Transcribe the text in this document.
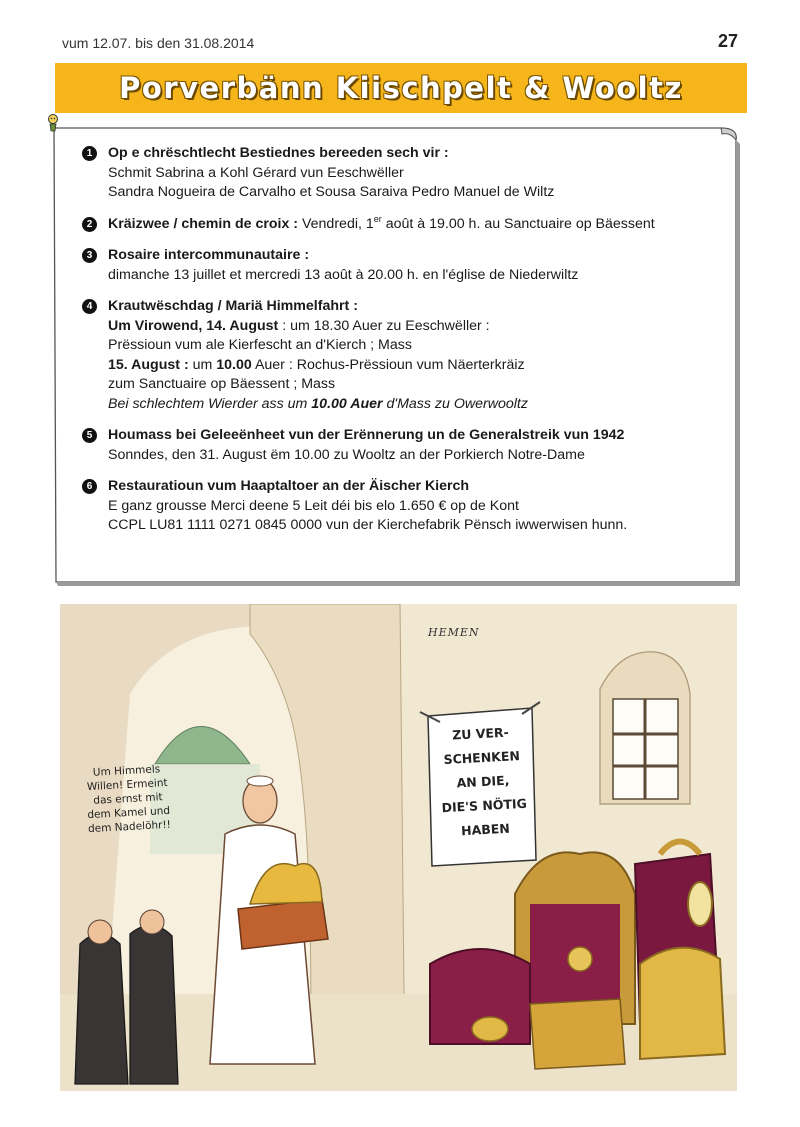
vum 12.07. bis den 31.08.2014	27
Porverbänn Kiischpelt & Wooltz
1	Op e chrëschtlecht Bestiednes bereeden sech vir :
Schmit Sabrina a Kohl Gérard vun Eeschwëller
Sandra Nogueira de Carvalho et Sousa Saraiva Pedro Manuel de Wiltz
2	Kräizwee / chemin de croix : Vendredi, 1er août à 19.00 h. au Sanctuaire op Bäessent
3	Rosaire intercommunautaire :
dimanche 13 juillet et mercredi 13 août à 20.00 h. en l'église de Niederwiltz
4	Krautwëschdag / Mariä Himmelfahrt :
Um Virowend, 14. August : um 18.30 Auer zu Eeschwëller :
Prëssioun vum ale Kierfescht an d'Kierch ; Mass
15. August : um 10.00 Auer : Rochus-Prëssioun vum Näerterkräiz
zum Sanctuaire op Bäessent ; Mass
Bei schlechtem Wierder ass um 10.00 Auer d'Mass zu Owerwooltz
5	Houmass bei Geleeënheet vun der Erënnerung un de Generalstreik vun 1942
Sonndes, den 31. August ëm 10.00 zu Wooltz an der Porkierch Notre-Dame
6	Restauratioun vum Haaptaltoer an der Äischer Kierch
E ganz grousse Merci deene 5 Leit déi bis elo 1.650 € op de Kont
CCPL LU81 1111 0271 0845 0000 vun der Kierchefabrik Pënsch iwwerwisen hunn.
Um Himmels
Willen! Ermeint
das ernst mit
dem Kamel und
dem Nadelöhr!!
ZU VER-
SCHENKEN
AN DIE,
DIE'S NÖTIG
HABEN
HEMEN
